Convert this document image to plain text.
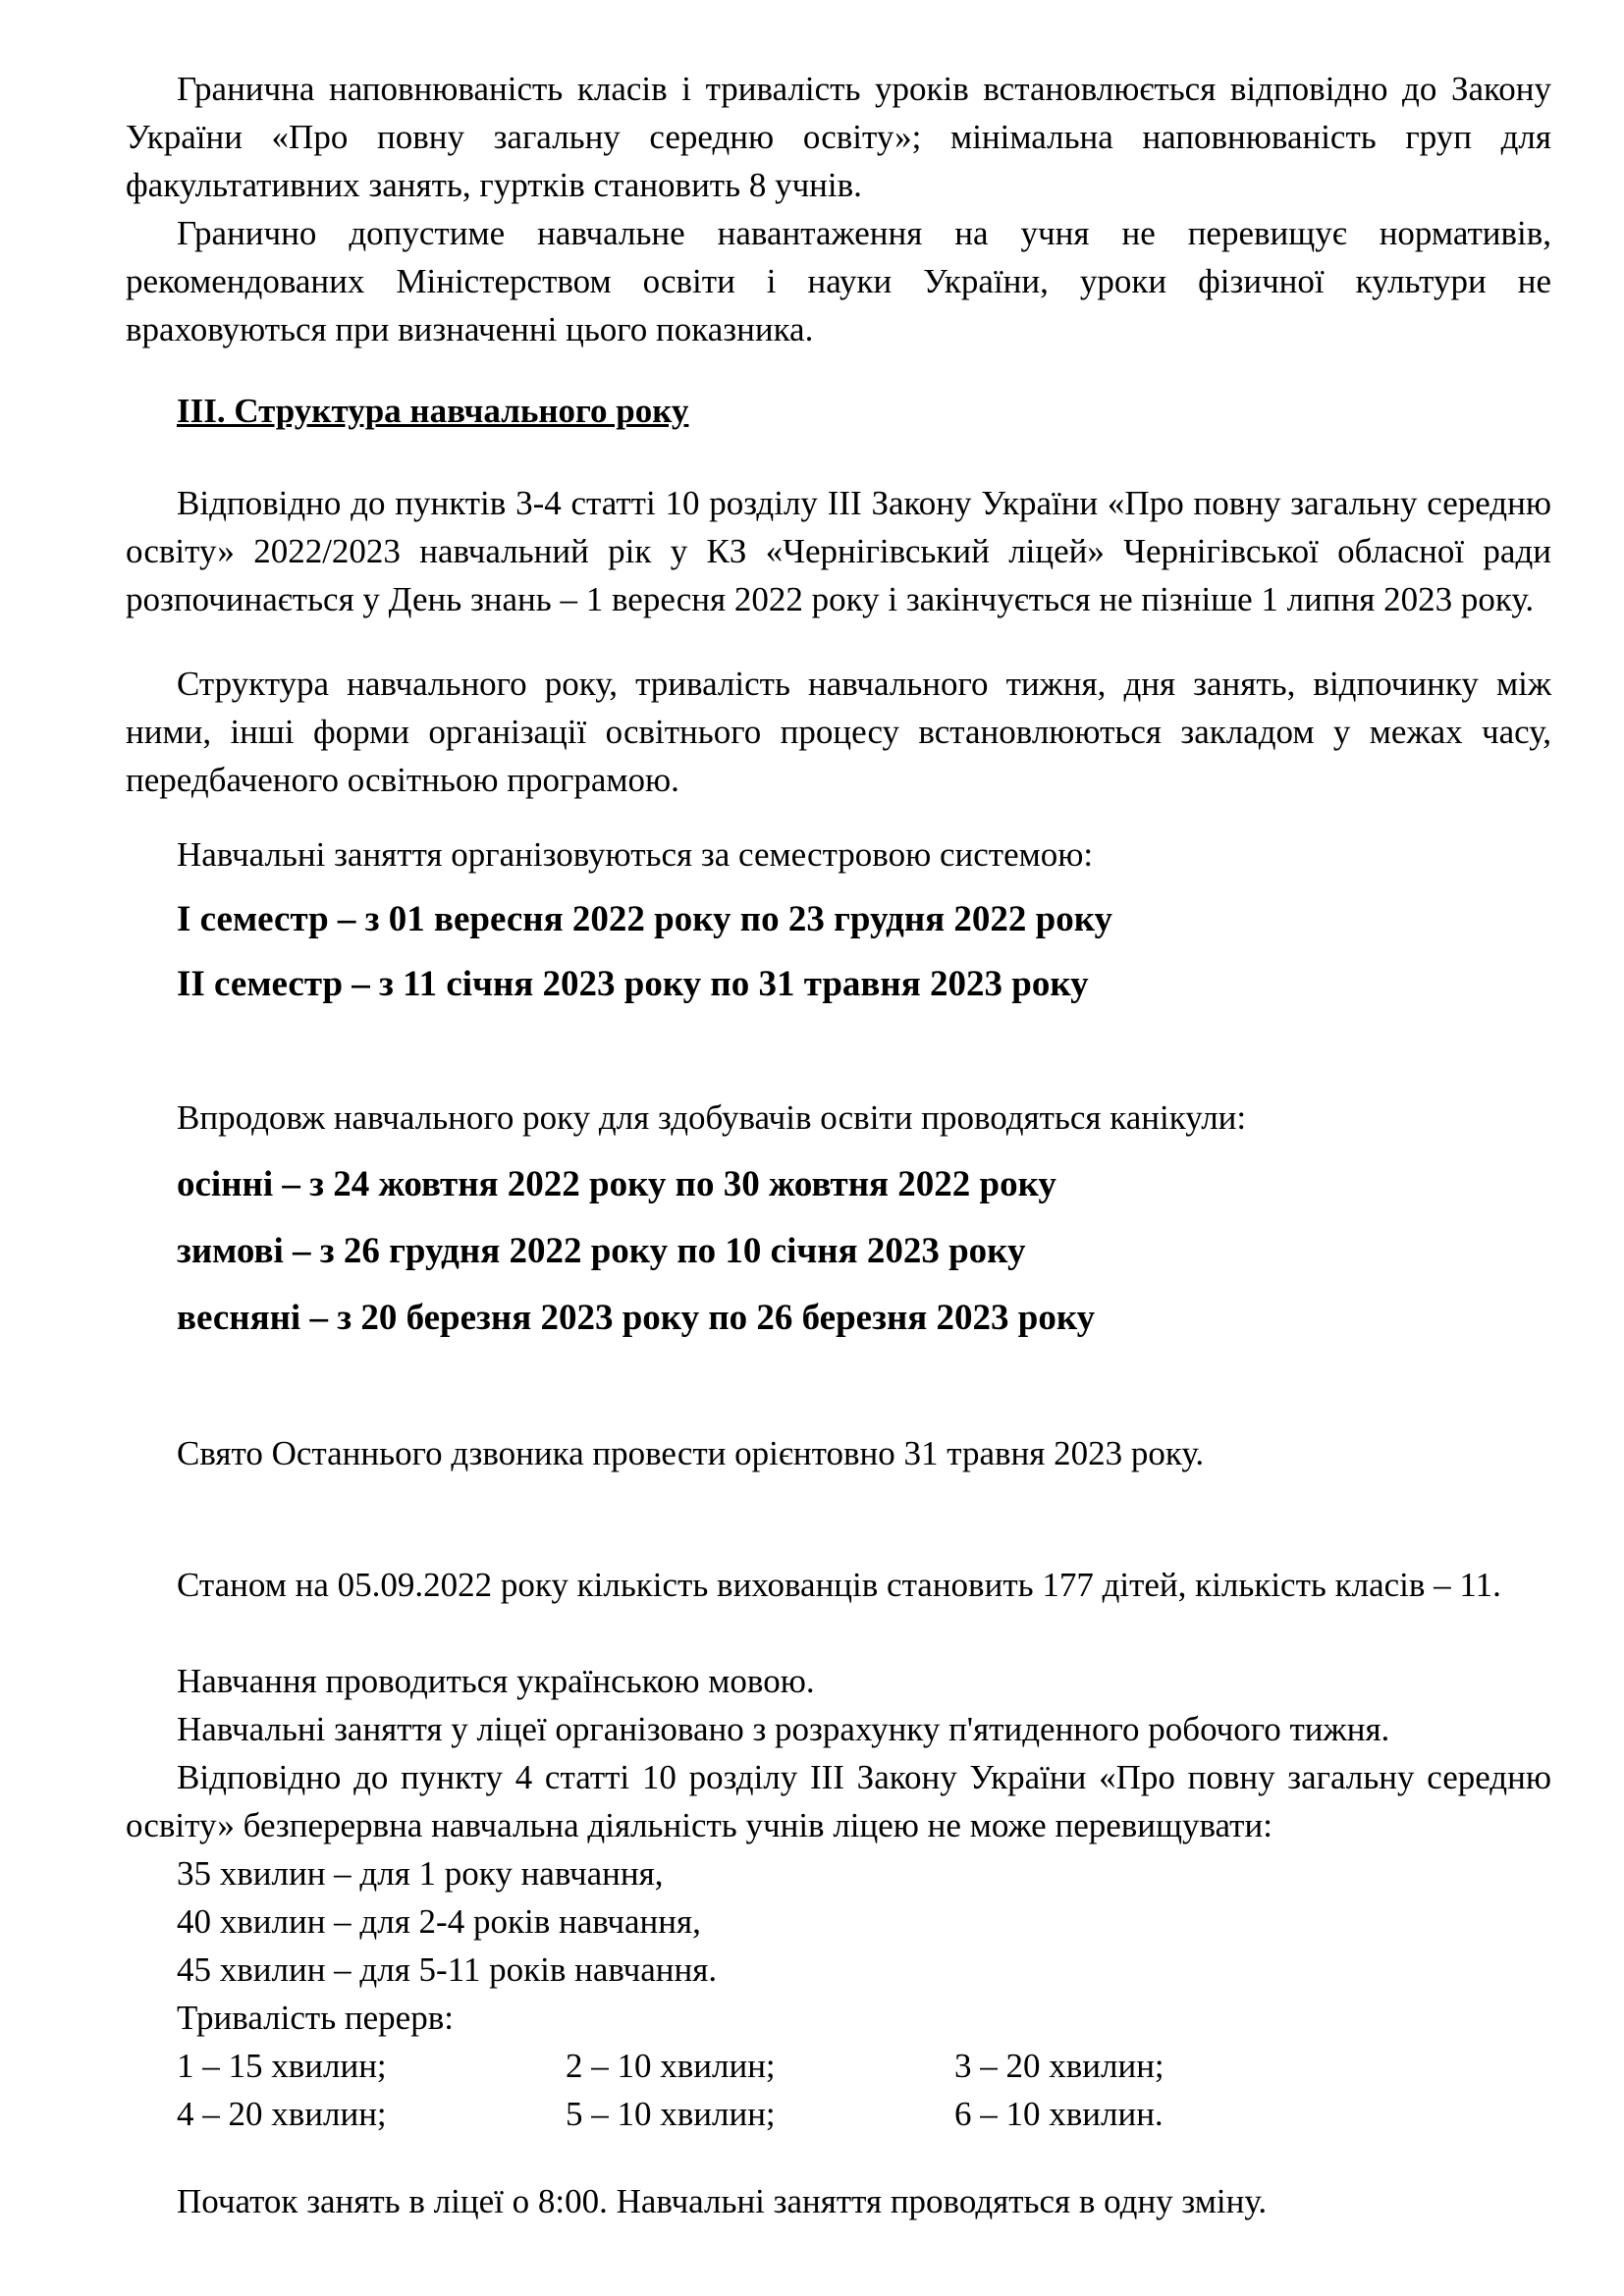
Гранична наповнюваність класів і тривалість уроків встановлюється відповідно до Закону України «Про повну загальну середню освіту»; мінімальна наповнюваність груп для факультативних занять, гуртків становить 8 учнів.

Гранично допустиме навчальне навантаження на учня не перевищує нормативів, рекомендованих Міністерством освіти і науки України, уроки фізичної культури не враховуються при визначенні цього показника.

ІІІ. Структура навчального року

Відповідно до пунктів 3-4 статті 10 розділу ІІІ Закону України «Про повну загальну середню освіту» 2022/2023 навчальний рік у КЗ «Чернігівський ліцей» Чернігівської обласної ради розпочинається у День знань – 1 вересня 2022 року і закінчується не пізніше 1 липня 2023 року.

Структура навчального року, тривалість навчального тижня, дня занять, відпочинку між ними, інші форми організації освітнього процесу встановлюються закладом у межах часу, передбаченого освітньою програмою.

Навчальні заняття організовуються за семестровою системою:
І семестр – з 01 вересня 2022 року по 23 грудня 2022 року
ІІ семестр – з 11 січня 2023 року по 31 травня 2023 року
Впродовж навчального року для здобувачів освіти проводяться канікули:
осінні – з 24 жовтня 2022 року по 30 жовтня 2022 року
зимові – з 26 грудня 2022 року по 10 січня 2023 року
весняні – з 20 березня 2023 року по 26 березня 2023 року
Свято Останнього дзвоника провести орієнтовно 31 травня 2023 року.

Станом на 05.09.2022 року кількість вихованців становить 177 дітей, кількість класів – 11.

Навчання проводиться українською мовою.
Навчальні заняття у ліцеї організовано з розрахунку п'ятиденного робочого тижня.

Відповідно до пункту 4 статті 10 розділу ІІІ Закону України «Про повну загальну середню освіту» безперервна навчальна діяльність учнів ліцею не може перевищувати:

35 хвилин – для 1 року навчання,
40 хвилин – для 2-4 років навчання,
45 хвилин – для 5-11 років навчання.
Тривалість перерв:
1 – 15 хвилин;	2 – 10 хвилин;	3 – 20 хвилин;
4 – 20 хвилин;	5 – 10 хвилин;	6 – 10 хвилин.
Початок занять в ліцеї о 8:00. Навчальні заняття проводяться в одну зміну.
